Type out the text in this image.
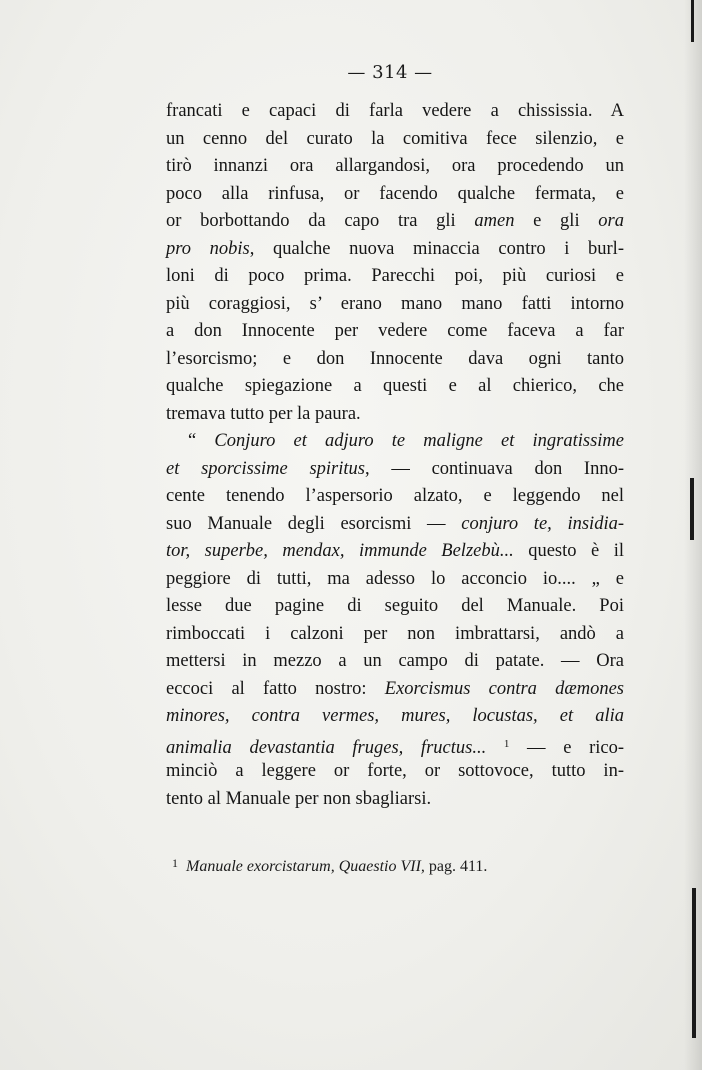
— 314 —
francati e capaci di farla vedere a chississia. A
un cenno del curato la comitiva fece silenzio, e
tirò innanzi ora allargandosi, ora procedendo un
poco alla rinfusa, or facendo qualche fermata, e
or borbottando da capo tra gli amen e gli ora
pro nobis, qualche nuova minaccia contro i burl-
loni di poco prima. Parecchi poi, più curiosi e
più coraggiosi, s’ erano mano mano fatti intorno
a don Innocente per vedere come faceva a far
l’esorcismo; e don Innocente dava ogni tanto
qualche spiegazione a questi e al chierico, che
tremava tutto per la paura.
“ Conjuro et adjuro te maligne et ingratissime
et sporcissime spiritus, — continuava don Inno-
cente tenendo l’aspersorio alzato, e leggendo nel
suo Manuale degli esorcismi — conjuro te, insidia-
tor, superbe, mendax, immunde Belzebù... questo è il
peggiore di tutti, ma adesso lo acconcio io.... „ e
lesse due pagine di seguito del Manuale. Poi
rimboccati i calzoni per non imbrattarsi, andò a
mettersi in mezzo a un campo di patate. — Ora
eccoci al fatto nostro: Exorcismus contra dæmones
minores, contra vermes, mures, locustas, et alia
animalia devastantia fruges, fructus... $^1$ — e rico-
minciò a leggere or forte, or sottovoce, tutto in-
tento al Manuale per non sbagliarsi.
$^1$ Manuale exorcistarum, Quaestio VII, pag. 411.
